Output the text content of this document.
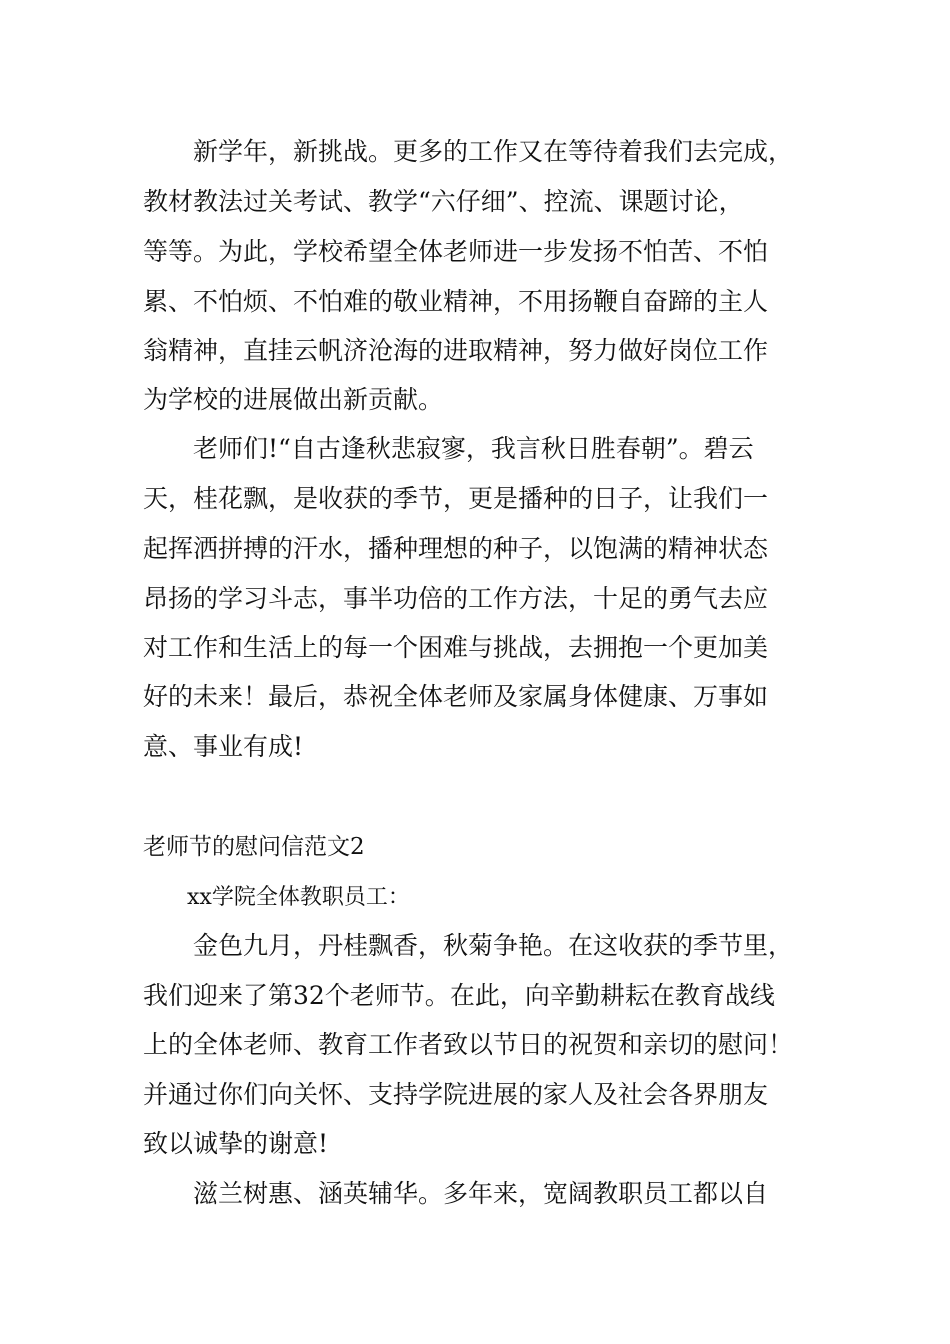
　　新学年，新挑战。更多的工作又在等待着我们去完成，
教材教法过关考试、教学“六仔细”、控流、课题讨论，
等等。为此，学校希望全体老师进一步发扬不怕苦、不怕
累、不怕烦、不怕难的敬业精神，不用扬鞭自奋蹄的主人
翁精神，直挂云帆济沧海的进取精神，努力做好岗位工作
为学校的进展做出新贡献。
　　老师们!“自古逢秋悲寂寥，我言秋日胜春朝”。碧云
天，桂花飘，是收获的季节，更是播种的日子，让我们一
起挥洒拼搏的汗水，播种理想的种子，以饱满的精神状态
昂扬的学习斗志，事半功倍的工作方法，十足的勇气去应
对工作和生活上的每一个困难与挑战，去拥抱一个更加美
好的未来！最后，恭祝全体老师及家属身体健康、万事如
意、事业有成!
老师节的慰问信范文2
　　xx学院全体教职员工：
　　金色九月，丹桂飘香，秋菊争艳。在这收获的季节里，
我们迎来了第32个老师节。在此，向辛勤耕耘在教育战线
上的全体老师、教育工作者致以节日的祝贺和亲切的慰问！
并通过你们向关怀、支持学院进展的家人及社会各界朋友
致以诚挚的谢意!
　　滋兰树惠、涵英辅华。多年来，宽阔教职员工都以自
